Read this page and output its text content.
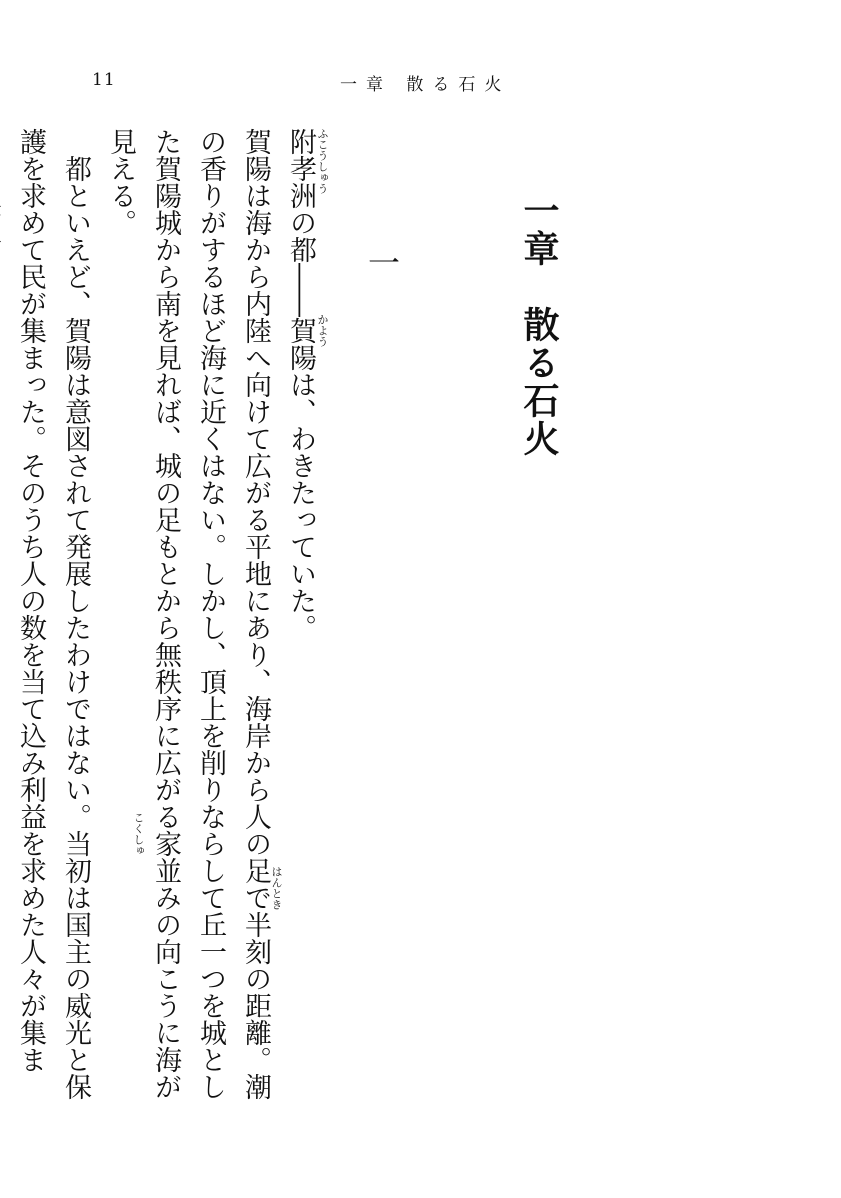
11	一章 散る石火
一章　散る石火
一
附孝洲の都――賀陽は、わきたっていた。 ふこうしゅう
かよう

賀陽は海から内陸へ向けて広がる平地にあり、海岸から人の足で半刻の距離。潮の香りがするほど海に近くはない。しかし、頂上を削りならして丘一つを城とした賀陽城から南を見れば、城の足もとから無秩序に広がる家並みの向こうに海が見える。

都といえど、賀陽は意図されて発展したわけではない。当初は国主の威光と保護を求めて民が集まった。そのうち人の数を当て込み利益を求めた人々が集ま

はんとき
こくしゅ
